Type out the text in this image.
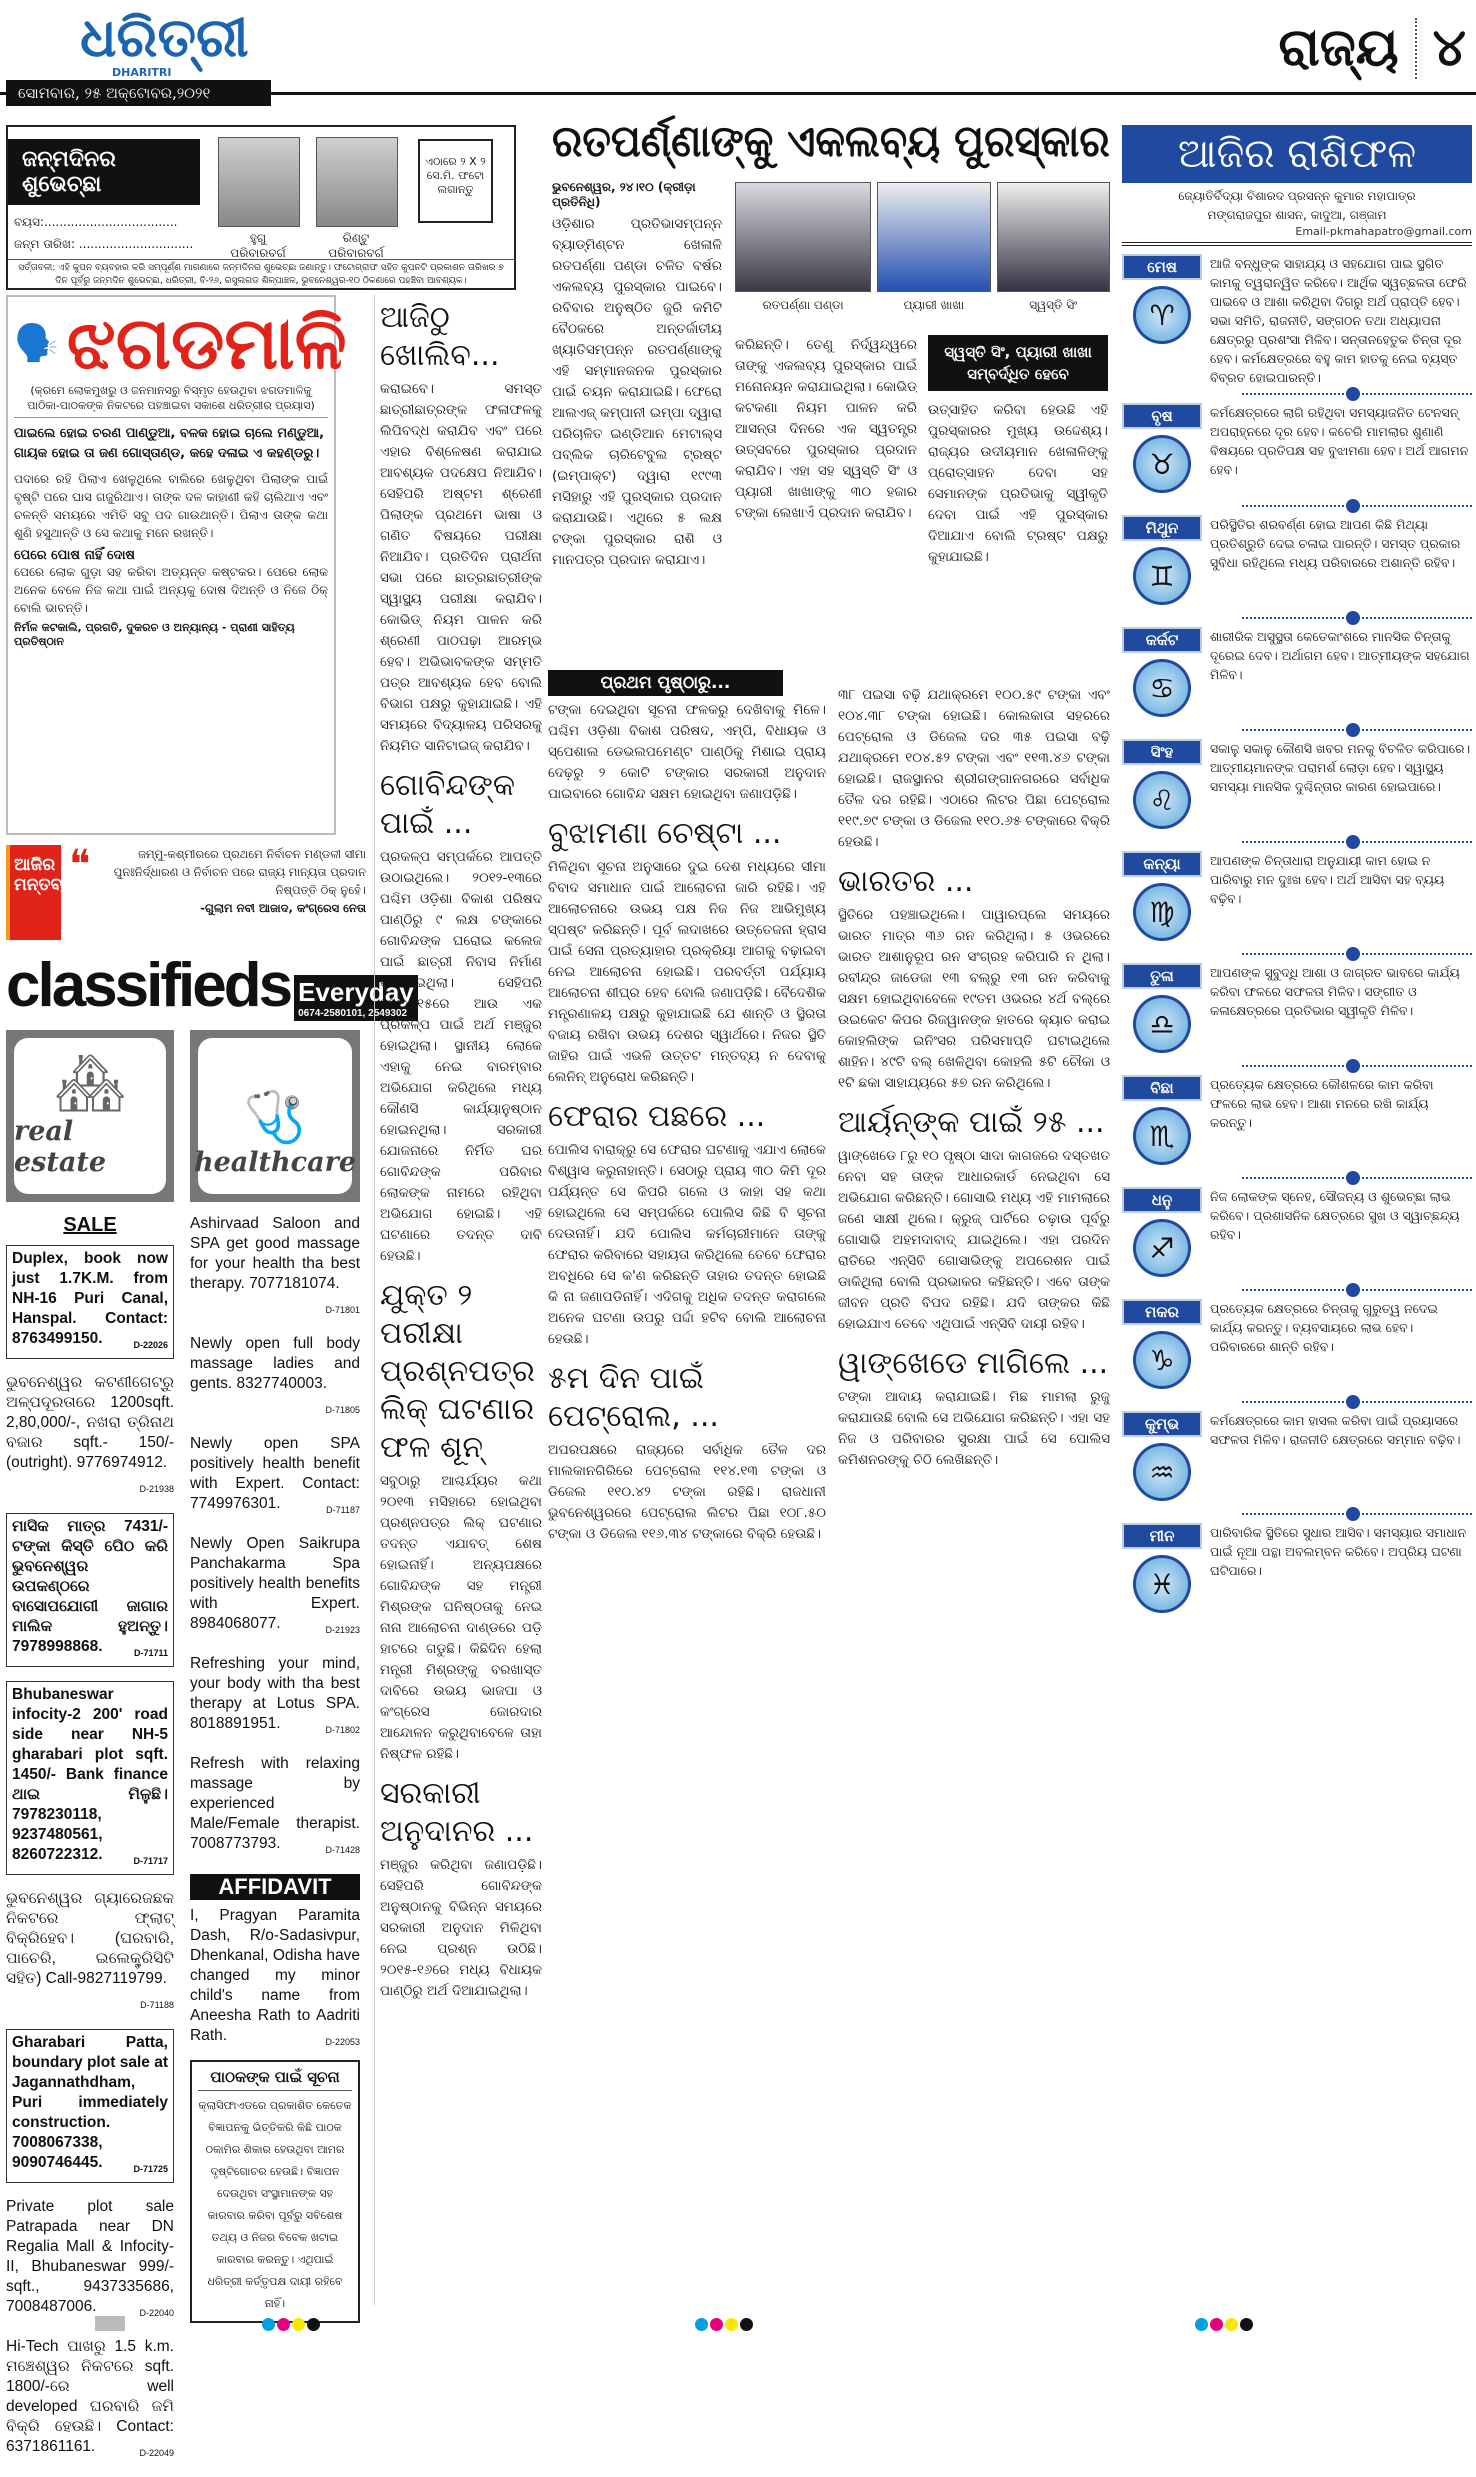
ଧରିତ୍ରୀ
DHARITRI	ରାଜ୍ୟ ୪
ସୋମବାର, ୨୫ ଅକ୍ଟୋବର,୨୦୨୧
ଜନ୍ମଦିନର ଶୁଭେଚ୍ଛା
ନାମ: ...................................
ବୟସ:...................................
ଜନ୍ମ ତାରିଖ: ..............................	ହୁଗୁ
ପରିବାରବର୍ଗ
ରିଣ୍ଟୁ
ପରିବାରବର୍ଗ
ଏଠାରେ ୨ X ୨ ସେ.ମି. ଫଟୋ ଲଗାନ୍ତୁ
ସର୍ତ୍ତାବଳୀ: ଏହି କୁପନ ବ୍ୟବହାର କରି ସମ୍ପୂର୍ଣ୍ଣ ମାଗଣାରେ ଜନ୍ମଦିନର ଶୁଭେଚ୍ଛା ଜଣାନ୍ତୁ। ଫଟୋଗ୍ରାଫ ସହିତ କୁପନଟି ପ୍ରକାଶନ ତାରିଖର ୭ ଦିନ ପୂର୍ବରୁ ଜନ୍ମଦିନ ଶୁଭେଚ୍ଛା, ଧରିତ୍ରୀ, ବି-୨୬, ରସୁଲଗଡ ଶିଳ୍ପାଞ୍ଚଳ, ଭୁବନେଶ୍ୱର-୧୦ ଠିକଣାରେ ପହଞ୍ଚିବା ଆବଶ୍ୟକ।
🗣️ ଝଗଡମାଳି
(କ୍ରମେ ଲୋକମୁଖରୁ ଓ ଜନମାନସରୁ ବିସ୍ମୃତ ହେଉଥିବା ଝଗଡମାଳିକୁ ପାଠିକା-ପାଠକଙ୍କ ନିକଟରେ ପହଞ୍ଚାଇବା ସକାଶେ ଧରିତ୍ରୀର ପ୍ରୟାସ)
ପାଇଲେ ହୋଇ ଚରଣ ପାଣ୍ଡୁଆ, ବଳକ ହୋଇ ଚାଲେ ମଣ୍ଡୁଆ, ଗାୟକ ହୋଇ ତା ଜଣ ଗୋସ୍ତାଣ୍ଡ, କହେ ଦଳାଇ ଏ କହଣ୍ଡରୁ।
ପଦାରେ ରହି ପିଲାଏ ଖେଳୁଥିଲେ ବାଲିରେ ଖେଳୁଥିବା ପିଲାଙ୍କ ପାଇଁ ବୃଷ୍ଟି ପରେ ଘାସ ଗଜୁରିଥାଏ। ତାଙ୍କ ଦଳ କାହାଣୀ କହି ଚାଲିଥାଏ ଏବଂ ଚଳନ୍ତି ସମୟରେ ଏମିତି ସବୁ ପଦ ଗାଉଥାନ୍ତି। ପିଲାଏ ତାଙ୍କ କଥା ଶୁଣି ହସୁଥାନ୍ତି ଓ ସେ କଥାକୁ ମନେ ରଖନ୍ତି।
ପେରେ ପୋଷ ନାହିଁ ଦୋଷ
ପେରେ ଲୋକ ଗୁଡ଼ା ସହ କରିବା ଅତ୍ୟନ୍ତ କଷ୍ଟକର। ପେରେ ଲୋକ ଅନେକ ବେଳେ ନିଜ କଥା ପାଇଁ ଅନ୍ୟକୁ ଦୋଷ ଦିଅନ୍ତି ଓ ନିଜେ ଠିକ୍ ବୋଲି ଭାବନ୍ତି।
ନିର୍ମଳ କଟକାଲି, ପ୍ରଗତି, ଦୁକରଚ ଓ ଅନ୍ୟାନ୍ୟ - ପ୍ରାଣୀ ସାହିତ୍ୟ ପ୍ରତିଷ୍ଠାନ
ଆଜିର ମନ୍ତବ୍ୟ
❝	ଜମ୍ମୁ-କଶ୍ମୀରରେ ପ୍ରଥମେ ନିର୍ବାଚନ ମଣ୍ଡଳୀ ସୀମା ପୁନଃନିର୍ଦ୍ଧାରଣ ଓ ନିର୍ବାଚନ ପରେ ରାଜ୍ୟ ମାନ୍ୟତା ପ୍ରଦାନ ନିଷ୍ପତ୍ତି ଠିକ୍ ନୁହେଁ।
-ଗୁଲାମ ନବୀ ଆଜାଦ, କଂଗ୍ରେସ ନେତା
classifieds Everyday
0674-2580101, 2549302
🏘
real estate
SALE
Duplex, book now just 1.7K.M. from NH-16 Puri Canal, Hanspal. Contact: 8763499150.	D-22026
ଭୁବନେଶ୍ୱର କଟଣୀଗେଟ୍‌ରୁ ଅଳ୍ପଦୂରତାରେ 1200sqft. 2,80,000/-, ନଖରା ତ୍ରିନାଥ ବଜାର sqft.- 150/- (outright). 9776974912.
D-21938
ମାସିକ ମାତ୍ର 7431/- ଟଙ୍କା କିସ୍ତି ପେିଠ କରି ଭୁବନେଶ୍ୱର ଉପକଣ୍ଠରେ ବାସୋପଯୋଗୀ ଜାଗାର ମାଲିକ ହୁଅନ୍ତୁ। 7978998868.	D-71711
Bhubaneswar infocity-2 200' road side near NH-5 gharabari plot sqft. 1450/- Bank finance ଥାଇ ମିଳୁଛି। 7978230118, 9237480561, 8260722312.	D-71717
ଭୁବନେଶ୍ୱର ଗ୍ୟାରେଜଛକ ନିକଟରେ ଫ୍ଲାଟ୍ ବିକ୍ରିହେବ। (ଘରବାରି, ପାଚେରି, ଇଲେକ୍ଟ୍ରିସିଟି ସହିତ) Call-9827119799.
D-71188
Gharabari Patta, boundary plot sale at Jagannathdham, Puri immediately construction. 7008067338, 9090746445.	D-71725
Private plot sale Patrapada near DN Regalia Mall & Infocity-II, Bhubaneswar 999/- sqft., 9437335686, 7008487006.	D-22040
Hi-Tech ପାଖରୁ 1.5 k.m. ମଞ୍ଚେଶ୍ୱର ନିକଟରେ sqft. 1800/-ରେ well developed ଘରବାରି ଜମି ବିକ୍ରି ହେଉଛି। Contact: 6371861161.	D-22049
🩺
healthcare
Ashirvaad Saloon and SPA get good massage for your health tha best therapy. 7077181074.
D-71801
Newly open full body massage ladies and gents. 8327740003.
D-71805
Newly open SPA positively health benefit with Expert. Contact: 7749976301.	D-71187
Newly Open Saikrupa Panchakarma Spa positively health benefits with Expert. 8984068077.	D-21923
Refreshing your mind, your body with tha best therapy at Lotus SPA. 8018891951.	D-71802
Refresh with relaxing massage by experienced Male/Female therapist. 7008773793.	D-71428
AFFIDAVIT
I, Pragyan Paramita Dash, R/o-Sadasivpur, Dhenkanal, Odisha have changed my minor child's name from Aneesha Rath to Aadriti Rath.	D-22053
ପାଠକଙ୍କ ପାଇଁ ସୂଚନା
କ୍ଲାସିଫାଏଡରେ ପ୍ରକାଶିତ କେତେକ ବିଜ୍ଞାପନକୁ ଭିତ୍ତିକରି କିଛି ପାଠକ ଠକାମିର ଶିକାର ହେଉଥିବା ଆମର ଦୃଷ୍ଟିଗୋଚର ହେଉଛି। ବିଜ୍ଞାପନ ଦେଉଥିବା ସଂସ୍ଥାମାନଙ୍କ ସହ କାରବାର କରିବା ପୂର୍ବରୁ ସବିଶେଷ ତଥ୍ୟ ଓ ନିଜର ବିବେକ ଖଟାଇ କାରବାର କରନ୍ତୁ। ଏଥିପାଇଁ ଧରିତ୍ରୀ କର୍ତ୍ତୃପକ୍ଷ ଦାୟୀ ରହିବେ ନାହିଁ।
ଆଜିଠୁ ଖୋଲିବ...
କରାଇବେ। ସମସ୍ତ ଛାତ୍ରୀଛାତ୍ରଙ୍କ ଫଳାଫଳକୁ ଲିପିବଦ୍ଧ କରାଯିବ ଏବଂ ପରେ ଏହାର ବିଶ୍ଳେଷଣ କରାଯାଇ ଆବଶ୍ୟକ ପଦକ୍ଷେପ ନିଆଯିବ। ସେହିପରି ଅଷ୍ଟମ ଶ୍ରେଣୀ ପିଲାଙ୍କ ପ୍ରଥମେ ଭାଷା ଓ ଗଣିତ ବିଷୟରେ ପରୀକ୍ଷା ନିଆଯିବ। ପ୍ରତିଦିନ ପ୍ରାର୍ଥନା ସଭା ପରେ ଛାତ୍ରଛାତ୍ରୀଙ୍କ ସ୍ୱାସ୍ଥ୍ୟ ପରୀକ୍ଷା କରାଯିବ। କୋଭିଡ୍ ନିୟମ ପାଳନ କରି ଶ୍ରେଣୀ ପାଠପଢ଼ା ଆରମ୍ଭ ହେବ। ଅଭିଭାବକଙ୍କ ସମ୍ମତି ପତ୍ର ଆବଶ୍ୟକ ହେବ ବୋଲି ବିଭାଗ ପକ୍ଷରୁ କୁହାଯାଇଛି। ଏହି ସମୟରେ ବିଦ୍ୟାଳୟ ପରିସରକୁ ନିୟମିତ ସାନିଟାଇଜ୍ କରାଯିବ।
ଗୋବିନ୍ଦଙ୍କ ପାଇଁ ...
ପ୍ରକଳ୍ପ ସମ୍ପର୍କରେ ଆପତ୍ତି ଉଠାଇଥିଲେ। ୨୦୧୨-୧୩ରେ ପଶ୍ଚିମ ଓଡ଼ିଶା ବିକାଶ ପରିଷଦ ପାଣ୍ଠିରୁ ୯ ଲକ୍ଷ ଟଙ୍କାରେ ଗୋବିନ୍ଦଙ୍କ ଘରୋଇ କଲେଜ ପାଇଁ ଛାତ୍ରୀ ନିବାସ ନିର୍ମାଣ କରାଯାଇଥିଲା। ସେହିପରି ୨୦୧୪-୧୫ରେ ଆଉ ଏକ ପ୍ରକଳ୍ପ ପାଇଁ ଅର୍ଥ ମଞ୍ଜୁର ହୋଇଥିଲା। ସ୍ଥାନୀୟ ଲୋକେ ଏହାକୁ ନେଇ ବାରମ୍ବାର ଅଭିଯୋଗ କରିଥିଲେ ମଧ୍ୟ କୌଣସି କାର୍ଯ୍ୟାନୁଷ୍ଠାନ ହୋଇନଥିଲା। ସରକାରୀ ଯୋଜନାରେ ନିର୍ମିତ ଘର ଗୋବିନ୍ଦଙ୍କ ପରିବାର ଲୋକଙ୍କ ନାମରେ ରହିଥିବା ଅଭିଯୋଗ ହୋଇଛି। ଏହି ଘଟଣାରେ ତଦନ୍ତ ଦାବି ହେଉଛି।
ଯୁକ୍ତ ୨ ପରୀକ୍ଷା ପ୍ରଶ୍ନପତ୍ର ଲିକ୍ ଘଟଣାର ଫଳ ଶୂନ୍
ସବୁଠାରୁ ଆଶ୍ଚର୍ଯ୍ୟର କଥା ୨୦୧୩ ମସିହାରେ ହୋଇଥିବା ପ୍ରଶ୍ନପତ୍ର ଲିକ୍ ଘଟଣାର ତଦନ୍ତ ଏଯାବତ୍ ଶେଷ ହୋଇନାହିଁ। ଅନ୍ୟପକ୍ଷରେ ଗୋବିନ୍ଦଙ୍କ ସହ ମନ୍ତ୍ରୀ ମିଶ୍ରଙ୍କ ଘନିଷ୍ଠତାକୁ ନେଇ ନାନା ଆଲୋଚନା ଦାଣ୍ଡରେ ପଡ଼ି ହାଟରେ ଗଡୁଛି। କିଛିଦିନ ହେଲା ମନ୍ତ୍ରୀ ମିଶ୍ରଙ୍କୁ ବରଖାସ୍ତ ଦାବିରେ ଉଭୟ ଭାଜପା ଓ କଂଗ୍ରେସ ଜୋରଦାର ଆନ୍ଦୋଳନ କରୁଥିବାବେଳେ ତାହା ନିଷ୍ଫଳ ରହିଛି।
ସରକାରୀ ଅନୁଦାନର ...
ମଞ୍ଜୁର କରିଥିବା ଜଣାପଡ଼ିଛି। ସେହିପରି ଗୋବିନ୍ଦଙ୍କ ଅନୁଷ୍ଠାନକୁ ବିଭିନ୍ନ ସମୟରେ ସରକାରୀ ଅନୁଦାନ ମିଳିଥିବା ନେଇ ପ୍ରଶ୍ନ ଉଠିଛି। ୨୦୧୫-୧୬ରେ ମଧ୍ୟ ବିଧାୟକ ପାଣ୍ଠିରୁ ଅର୍ଥ ଦିଆଯାଇଥିଲା।
ରତପର୍ଣ୍ଣାଙ୍କୁ ଏକଲବ୍ୟ ପୁରସ୍କାର
ଭୁବନେଶ୍ୱର, ୨୪।୧୦ (କ୍ରୀଡ଼ା ପ୍ରତିନିଧି)
ଓଡ଼ିଶାର ପ୍ରତିଭାସମ୍ପନ୍ନ ବ୍ୟାଡ୍‌ମିଣ୍ଟନ ଖେଳାଳି ରତପର୍ଣ୍ଣା ପଣ୍ଡା ଚଳିତ ବର୍ଷର ଏକଲବ୍ୟ ପୁରସ୍କାର ପାଇବେ। ରବିବାର ଅନୁଷ୍ଠିତ ଜୁରି କମିଟି ବୈଠକରେ ଅନ୍ତର୍ଜାତୀୟ ଖ୍ୟାତିସମ୍ପନ୍ନ ରତପର୍ଣ୍ଣାଙ୍କୁ ଏହି ସମ୍ମାନଜନକ ପୁରସ୍କାର ପାଇଁ ଚୟନ କରାଯାଇଛି। ଫେରୋ ଆଲଏଜ୍ କମ୍ପାନୀ ଇମ୍ପା ଦ୍ୱାରା ପରିଚାଳିତ ଇଣ୍ଡିଆନ ମେଟାଲ୍ସ ପବ୍ଲିକ ଚାରିଟେବୁଲ ଟ୍ରଷ୍ଟ (ଇମ୍ପାକ୍ଟ) ଦ୍ୱାରା ୧୯୯୩ ମସିହାରୁ ଏହି ପୁରସ୍କାର ପ୍ରଦାନ କରାଯାଉଛି। ଏଥିରେ ୫ ଲକ୍ଷ ଟଙ୍କା ପୁରସ୍କାର ରାଶି ଓ ମାନପତ୍ର ପ୍ରଦାନ କରାଯାଏ।
ରତପର୍ଣ୍ଣା ପଣ୍ଡା	ପ୍ୟାରୀ ଖାଖା	ସ୍ୱସ୍ତି ସିଂ
କରିଛନ୍ତି। ତେଣୁ ନିର୍ଦ୍ୱନ୍ଦ୍ୱରେ ତାଙ୍କୁ ଏକଲବ୍ୟ ପୁରସ୍କାର ପାଇଁ ମନୋନୟନ କରାଯାଇଥିଲା। କୋଭିଡ୍ କଟକଣା ନିୟମ ପାଳନ କରି ଆସନ୍ତା ଦିନରେ ଏକ ସ୍ୱତନ୍ତ୍ର ଉତ୍ସବରେ ପୁରସ୍କାର ପ୍ରଦାନ କରାଯିବ। ଏହା ସହ ସ୍ୱସ୍ତି ସିଂ ଓ ପ୍ୟାରୀ ଖାଖାଙ୍କୁ ୩୦ ହଜାର ଟଙ୍କା ଲେଖାଏଁ ପ୍ରଦାନ କରାଯିବ।
ସ୍ୱସ୍ତି ସିଂ, ପ୍ୟାରୀ ଖାଖା ସମ୍ବର୍ଦ୍ଧିତ ହେବେ
ଉତ୍ସାହିତ କରିବା ହେଉଛି ଏହି ପୁରସ୍କାରର ମୁଖ୍ୟ ଉଦ୍ଦେଶ୍ୟ। ରାଜ୍ୟର ଉଦୀୟମାନ ଖେଳାଳିଙ୍କୁ ପ୍ରୋତ୍ସାହନ ଦେବା ସହ ସେମାନଙ୍କ ପ୍ରତିଭାକୁ ସ୍ୱୀକୃତି ଦେବା ପାଇଁ ଏହି ପୁରସ୍କାର ଦିଆଯାଏ ବୋଲି ଟ୍ରଷ୍ଟ ପକ୍ଷରୁ କୁହାଯାଇଛି।
ପ୍ରଥମ ପୃଷ୍ଠାରୁ...
ଟଙ୍କା ଦେଇଥିବା ସୂଚନା ଫଳକରୁ ଦେଖିବାକୁ ମିଳେ। ପଶ୍ଚିମ ଓଡ଼ିଶା ବିକାଶ ପରିଷଦ, ଏମ୍‌ପି, ବିଧାୟକ ଓ ସ୍ପେଶାଲ ଡେଭଲପମେଣ୍ଟ ପାଣ୍ଠିକୁ ମିଶାଇ ପ୍ରାୟ ଦେଢ଼ରୁ ୨ କୋଟି ଟଙ୍କାର ସରକାରୀ ଅନୁଦାନ ପାଇବାରେ ଗୋବିନ୍ଦ ସକ୍ଷମ ହୋଇଥିବା ଜଣାପଡ଼ିଛି।
ବୁଝାମଣା ଚେଷ୍ଟା ...
ମିଳିଥିବା ସୂଚନା ଅନୁସାରେ ଦୁଇ ଦେଶ ମଧ୍ୟରେ ସୀମା ବିବାଦ ସମାଧାନ ପାଇଁ ଆଲୋଚନା ଜାରି ରହିଛି। ଏହି ଆଲୋଚନାରେ ଉଭୟ ପକ୍ଷ ନିଜ ନିଜ ଆଭିମୁଖ୍ୟ ସ୍ପଷ୍ଟ କରିଛନ୍ତି। ପୂର୍ବ ଲଦାଖରେ ଉତ୍ତେଜନା ହ୍ରାସ ପାଇଁ ସେନା ପ୍ରତ୍ୟାହାର ପ୍ରକ୍ରିୟା ଆଗକୁ ବଢ଼ାଇବା ନେଇ ଆଲୋଚନା ହୋଇଛି। ପରବର୍ତ୍ତୀ ପର୍ଯ୍ୟାୟ ଆଲୋଚନା ଶୀଘ୍ର ହେବ ବୋଲି ଜଣାପଡ଼ିଛି। ବୈଦେଶିକ ମନ୍ତ୍ରଣାଳୟ ପକ୍ଷରୁ କୁହାଯାଇଛି ଯେ ଶାନ୍ତି ଓ ସ୍ଥିରତା ବଜାୟ ରଖିବା ଉଭୟ ଦେଶର ସ୍ୱାର୍ଥରେ। ନିଜର ସ୍ଥିତି ଜାହିର ପାଇଁ ଏଭଳି ଉତ୍ତଟ ମନ୍ତବ୍ୟ ନ ଦେବାକୁ ଲେନିନ୍ ଅନୁରୋଧ କରିଛନ୍ତି।
ଫେରାର ପଛରେ ...
ପୋଲିସ ବାରାକ୍‌ରୁ ସେ ଫେରାର ଘଟଣାକୁ ଏଯାଏ ଲୋକେ ବିଶ୍ୱାସ କରୁନାହାନ୍ତି। ସେଠାରୁ ପ୍ରାୟ ୩୦ କିମି ଦୂର ପର୍ଯ୍ୟନ୍ତ ସେ କିପରି ଗଲେ ଓ କାହା ସହ କଥା ହୋଇଥିଲେ ସେ ସମ୍ପର୍କରେ ପୋଲିସ କିଛି ବି ସୂଚନା ଦେଉନାହିଁ। ଯଦି ପୋଲିସ କର୍ମଚାରୀମାନେ ତାଙ୍କୁ ଫେରାର କରିବାରେ ସହାୟତା କରିଥିଲେ ତେବେ ଫେରାର ଅବଧିରେ ସେ କ'ଣ କରିଛନ୍ତି ତାହାର ତଦନ୍ତ ହୋଇଛି କି ନା ଜଣାପଡିନାହିଁ। ଏଦିଗକୁ ଅଧିକ ତଦନ୍ତ କରାଗଲେ ଅନେକ ଘଟଣା ଉପରୁ ପର୍ଦ୍ଦା ହଟିବ ବୋଲି ଆଲୋଚନା ହେଉଛି।
୫ମ ଦିନ ପାଇଁ ପେଟ୍ରୋଲ, ...
ଅପରପକ୍ଷରେ ରାଜ୍ୟରେ ସର୍ବାଧିକ ତୈଳ ଦର ମାଲକାନଗିରିରେ ପେଟ୍ରୋଲ ୧୧୪.୧୩ ଟଙ୍କା ଓ ଡିଜେଲ ୧୧୦.୪୨ ଟଙ୍କା ରହିଛି। ରାଜଧାନୀ ଭୁବନେଶ୍ୱରରେ ପେଟ୍ରୋଲ ଲିଟର ପିଛା ୧୦୮.୫୦ ଟଙ୍କା ଓ ଡିଜେଲ ୧୧୬.୩୪ ଟଙ୍କାରେ ବିକ୍ରି ହେଉଛି।
୩୮ ପଇସା ବଢ଼ି ଯଥାକ୍ରମେ ୧୦୦.୫୯ ଟଙ୍କା ଏବଂ ୧୦୪.୩୮ ଟଙ୍କା ହୋଇଛି। କୋଲକାତା ସହରରେ ପେଟ୍ରୋଲ ଓ ଡିଜେଲ ଦର ୩୫ ପଇସା ବଢ଼ି ଯଥାକ୍ରମେ ୧୦୪.୫୨ ଟଙ୍କା ଏବଂ ୧୧୩.୪୬ ଟଙ୍କା ହୋଇଛି। ରାଜସ୍ଥାନର ଶ୍ରୀଗଙ୍ଗାନଗରରେ ସର୍ବାଧିକ ତୈଳ ଦର ରହିଛି। ଏଠାରେ ଲିଟର ପିଛା ପେଟ୍ରୋଲ ୧୧୯.୭୯ ଟଙ୍କା ଓ ଡିଜେଲ ୧୧୦.୬୫ ଟଙ୍କାରେ ବିକ୍ରି ହେଉଛି।
ଭାରତର ...
ସ୍ଥିତିରେ ପହଞ୍ଚାଇଥିଲେ। ପାୱାରପ୍ଲେ ସମୟରେ ଭାରତ ମାତ୍ର ୩୬ ରନ କରିଥିଲା। ୫ ଓଭରରେ ଭାରତ ଆଶାନୁରୂପ ରନ ସଂଗ୍ରହ କରିପାରି ନ ଥିଲା। ରବୀନ୍ଦ୍ର ଜାଡେଜା ୧୩ ବଲ୍‌ରୁ ୧୩ ରନ କରିବାକୁ ସକ୍ଷମ ହୋଇଥିବାବେଳେ ୧୯ତମ ଓଭରର ୪ର୍ଥ ବଲ୍‌ରେ ଉଇକେଟ କିପର ରିଜୱାନଙ୍କ ହାତରେ କ୍ୟାଚ କରାଇ କୋହଲିଙ୍କ ଇନିଂସର ପରିସମାପ୍ତି ଘଟାଇଥିଲେ ଶାହିନ। ୪୯ଟି ବଲ୍ ଖେଳିଥିବା କୋହଲି ୫ଟି ଚୌକା ଓ ୧ଟି ଛକା ସାହାଯ୍ୟରେ ୫୭ ରନ କରିଥିଲେ।
ଆର୍ୟନ୍‌ଙ୍କ ପାଇଁ ୨୫ ...
ୱାଙ୍ଖେଡେ ୮ରୁ ୧୦ ପୃଷ୍ଠା ସାଦା କାଗଜରେ ଦସ୍ତଖତ ନେବା ସହ ତାଙ୍କ ଆଧାରକାର୍ଡ ନେଇଥିବା ସେ ଅଭିଯୋଗ କରିଛନ୍ତି। ଗୋସାଭି ମଧ୍ୟ ଏହି ମାମଲାରେ ଜଣେ ସାକ୍ଷୀ ଥିଲେ। କ୍ରୁଜ୍ ପାର୍ଟିରେ ଚଢ଼ାଉ ପୂର୍ବରୁ ଗୋସାଭି ଅହମଦାବାଦ୍ ଯାଇଥିଲେ। ଏହା ପରଦିନ ରାତିରେ ଏନ୍‌ସିବି ଗୋସାଭିଙ୍କୁ ଅପରେଶନ ପାଇଁ ଡାକିଥିଲା ବୋଲି ପ୍ରଭାକର କହିଛନ୍ତି। ଏବେ ତାଙ୍କ ଜୀବନ ପ୍ରତି ବିପଦ ରହିଛି। ଯଦି ତାଙ୍କର କିଛି ହୋଇଯାଏ ତେବେ ଏଥିପାଇଁ ଏନ୍‌ସିବି ଦାୟୀ ରହିବ।
ୱାଙ୍ଖେଡେ ମାଗିଲେ ...
ଟଙ୍କା ଆଦାୟ କରାଯାଇଛି। ମିଛ ମାମଲା ରୁଜୁ କରାଯାଉଛି ବୋଲି ସେ ଅଭିଯୋଗ କରିଛନ୍ତି। ଏହା ସହ ନିଜ ଓ ପରିବାରର ସୁରକ୍ଷା ପାଇଁ ସେ ପୋଲିସ କମିଶନରଙ୍କୁ ଚିଠି ଲେଖିଛନ୍ତି।
ଆଜିର ରାଶିଫଳ
ଜ୍ୟୋତିର୍ବିଦ୍ୟା ବିଶାରଦ ପ୍ରସନ୍ନ କୁମାର ମହାପାତ୍ର
ମଙ୍ଗରାଜପୁର ଶାସନ, କାଦୁଆ, ଗଞ୍ଜାମ
Email-pkmahapatro@gmail.com
ମେଷ
♈
ଆଜି ବନ୍ଧୁଙ୍କ ସାହାଯ୍ୟ ଓ ସହଯୋଗ ପାଇ ସ୍ଥଗିତ କାମକୁ ତ୍ୱରାନ୍ୱିତ କରିବେ। ଆର୍ଥିକ ସ୍ୱଚ୍ଛଳତା ଫେରି ପାଇବେ ଓ ଆଶା କରିଥିବା ଦିଗରୁ ଅର୍ଥ ପ୍ରାପ୍ତି ହେବ। ସଭା ସମିତି, ରାଜନୀତି, ସଙ୍ଗଠନ ତଥା ଅଧ୍ୟାପନା କ୍ଷେତ୍ରରୁ ପ୍ରଶଂସା ମିଳିବ। ସନ୍ତାନହେତୁକ ଚିନ୍ତା ଦୂର ହେବ। କର୍ମକ୍ଷେତ୍ରରେ ବହୁ କାମ ହାତକୁ ନେଇ ବ୍ୟସ୍ତ ବିବ୍ରତ ହୋଇପାରନ୍ତି।
ବୃଷ
♉
କର୍ମକ୍ଷେତ୍ରରେ ଲାଗି ରହିଥିବା ସମସ୍ୟାଜନିତ ଟେନସନ୍ ଅପରାହ୍ନରେ ଦୂର ହେବ। କଚେରି ମାମଲାର ଶୁଣାଣି ବିଷୟରେ ପ୍ରତିପକ୍ଷ ସହ ବୁଝାମଣା ହେବ। ଅର୍ଥ ଆଗମନ ହେବ।
ମିଥୁନ
♊
ପରିସ୍ଥିତିର ଶରବର୍ଣ୍ଣ ହୋଇ ଆପଣ କିଛି ମିଥ୍ୟା ପ୍ରତିଶ୍ରୁତି ଦେଇ ଚଳାଇ ପାରନ୍ତି। ସମସ୍ତ ପ୍ରକାର ସୁବିଧା ରହିଥିଲେ ମଧ୍ୟ ପରିବାରରେ ଅଶାନ୍ତି ରହିବ।
କର୍କଟ
♋
ଶାରୀରିକ ଅସୁସ୍ଥତା କେତେକାଂଶରେ ମାନସିକ ଚିନ୍ତାକୁ ଦୂରେଇ ଦେବ। ଅର୍ଥାଗମ ହେବ। ଆତ୍ମୀୟଙ୍କ ସହଯୋଗ ମିଳିବ।
ସିଂହ
♌
ସକାଳୁ ସକାଳୁ କୌଣସି ଖବର ମନକୁ ବିଚଳିତ କରିପାରେ। ଆତ୍ମୀୟମାନଙ୍କ ପରାମର୍ଶ ଲୋଡ଼ା ହେବ। ସ୍ୱାସ୍ଥ୍ୟ ସମସ୍ୟା ମାନସିକ ଦୁଶ୍ଚିନ୍ତାର କାରଣ ହୋଇପାରେ।
କନ୍ୟା
♍
ଆପଣଙ୍କ ଚିନ୍ତାଧାରା ଅନୁଯାୟୀ କାମ ହୋଇ ନ ପାରିବାରୁ ମନ ଦୁଃଖ ହେବ। ଅର୍ଥ ଆସିବା ସହ ବ୍ୟୟ ବଢ଼ିବ।
ତୁଳା
♎
ଆପଣଙ୍କ ସୁବୁଦ୍ଧି ଆଶା ଓ ଜାଗ୍ରତ ଭାବରେ କାର୍ଯ୍ୟ କରିବା ଫଳରେ ସଫଳତା ମିଳିବ। ସଙ୍ଗୀତ ଓ କଳାକ୍ଷେତ୍ରରେ ପ୍ରତିଭାର ସ୍ୱୀକୃତି ମିଳିବ।
ବିଛା
♏
ପ୍ରତ୍ୟେକ କ୍ଷେତ୍ରରେ କୌଶଳରେ କାମ କରିବା ଫଳରେ ଲାଭ ହେବ। ଆଶା ମନରେ ରଖି କାର୍ଯ୍ୟ କରନ୍ତୁ।
ଧନୁ
♐
ନିଜ ଲୋକଙ୍କ ସ୍ନେହ, ସୌଜନ୍ୟ ଓ ଶୁଭେଚ୍ଛା ଲାଭ କରିବେ। ପ୍ରଶାସନିକ କ୍ଷେତ୍ରରେ ସୁଖ ଓ ସ୍ୱାଚ୍ଛନ୍ଦ୍ୟ ରହିବ।
ମକର
♑
ପ୍ରତ୍ୟେକ କ୍ଷେତ୍ରରେ ଚିନ୍ତାକୁ ଗୁରୁତ୍ୱ ନଦେଇ କାର୍ଯ୍ୟ କରନ୍ତୁ। ବ୍ୟବସାୟରେ ଲାଭ ହେବ। ପରିବାରରେ ଶାନ୍ତି ରହିବ।
କୁମ୍ଭ
♒
କର୍ମକ୍ଷେତ୍ରରେ କାମ ହାସଲ କରିବା ପାଇଁ ପ୍ରୟାସରେ ସଫଳତା ମିଳିବ। ରାଜନୀତି କ୍ଷେତ୍ରରେ ସମ୍ମାନ ବଢ଼ିବ।
ମୀନ
♓
ପାରିବାରିକ ସ୍ଥିତିରେ ସୁଧାର ଆସିବ। ସମସ୍ୟାର ସମାଧାନ ପାଇଁ ନୂଆ ପନ୍ଥା ଅବଲମ୍ବନ କରିବେ। ଅପ୍ରିୟ ଘଟଣା ଘଟିପାରେ।
